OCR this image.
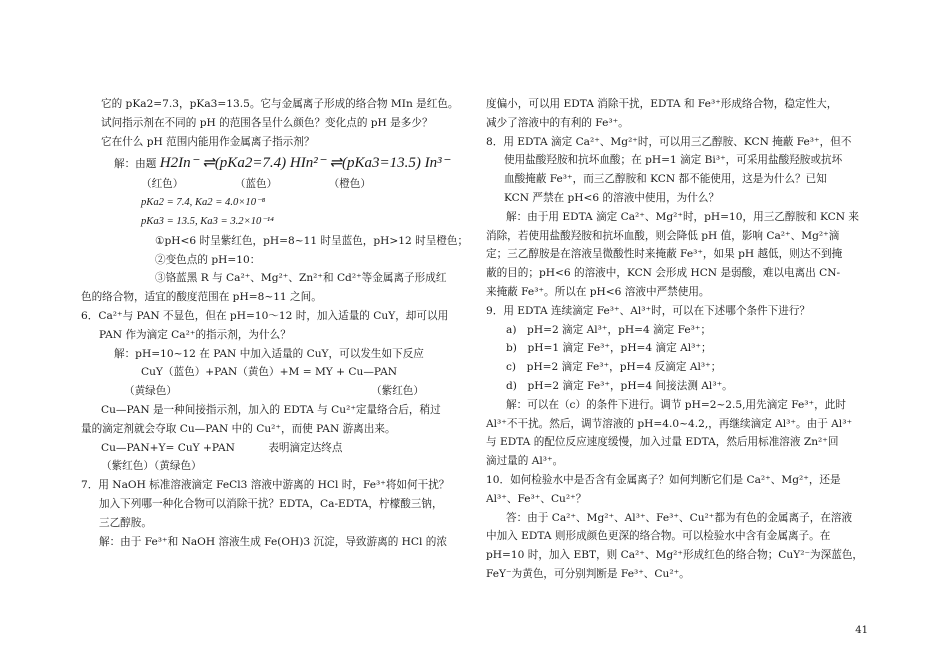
它的 pKa2=7.3，pKa3=13.5。它与金属离子形成的络合物 MIn 是红色。

试问指示剂在不同的 pH 的范围各呈什么颜色？变化点的 pH 是多少？

它在什么 pH 范围内能用作金属离子指示剂？

解：由题 H2In⁻ ⇌(pKa2=7.4) HIn²⁻ ⇌(pKa3=13.5) In³⁻

（红色）	（蓝色）	（橙色）

pKa2 = 7.4, Ka2 = 4.0×10⁻⁸

pKa3 = 13.5, Ka3 = 3.2×10⁻¹⁴

①pH<6 时呈紫红色，pH=8~11 时呈蓝色，pH>12 时呈橙色；

②变色点的 pH=10：

③铬蓝黑 R 与 Ca²⁺、Mg²⁺、Zn²⁺和 Cd²⁺等金属离子形成红

色的络合物，适宜的酸度范围在 pH=8~11 之间。

6．Ca²⁺与 PAN 不显色，但在 pH=10～12 时，加入适量的 CuY，却可以用

PAN 作为滴定 Ca²⁺的指示剂，为什么？

解：pH=10~12 在 PAN 中加入适量的 CuY，可以发生如下反应

CuY（蓝色）+PAN（黄色）+M = MY + Cu—PAN

（黄绿色）	（紫红色）

Cu—PAN 是一种间接指示剂，加入的 EDTA 与 Cu²⁺定量络合后，稍过

量的滴定剂就会夺取 Cu—PAN 中的 Cu²⁺，而使 PAN 游离出来。

Cu—PAN+Y= CuY +PAN	表明滴定达终点

（紫红色）（黄绿色）

7．用 NaOH 标准溶液滴定 FeCl3 溶液中游离的 HCl 时，Fe³⁺将如何干扰？

加入下列哪一种化合物可以消除干扰？EDTA，Ca-EDTA，柠檬酸三钠，

三乙醇胺。

解：由于 Fe³⁺和 NaOH 溶液生成 Fe(OH)3 沉淀，导致游离的 HCl 的浓

度偏小，可以用 EDTA 消除干扰，EDTA 和 Fe³⁺形成络合物，稳定性大，

减少了溶液中的有利的 Fe³⁺。

8．用 EDTA 滴定 Ca²⁺、Mg²⁺时，可以用三乙醇胺、KCN 掩蔽 Fe³⁺，但不

使用盐酸羟胺和抗坏血酸；在 pH=1 滴定 Bi³⁺，可采用盐酸羟胺或抗坏

血酸掩蔽 Fe³⁺，而三乙醇胺和 KCN 都不能使用，这是为什么？已知

KCN 严禁在 pH<6 的溶液中使用，为什么？

解：由于用 EDTA 滴定 Ca²⁺、Mg²⁺时，pH=10，用三乙醇胺和 KCN 来

消除，若使用盐酸羟胺和抗坏血酸，则会降低 pH 值，影响 Ca²⁺、Mg²⁺滴

定；三乙醇胺是在溶液呈微酸性时来掩蔽 Fe³⁺，如果 pH 越低，则达不到掩

蔽的目的；pH<6 的溶液中，KCN 会形成 HCN 是弱酸，难以电离出 CN-

来掩蔽 Fe³⁺。所以在 pH<6 溶液中严禁使用。

9．用 EDTA 连续滴定 Fe³⁺、Al³⁺时，可以在下述哪个条件下进行？

a)　pH=2 滴定 Al³⁺，pH=4 滴定 Fe³⁺；

b)　pH=1 滴定 Fe³⁺，pH=4 滴定 Al³⁺；

c)　pH=2 滴定 Fe³⁺，pH=4 反滴定 Al³⁺；

d)　pH=2 滴定 Fe³⁺，pH=4 间接法测 Al³⁺。

解：可以在（c）的条件下进行。调节 pH=2~2.5,用先滴定 Fe³⁺，此时

Al³⁺不干扰。然后，调节溶液的 pH=4.0~4.2,，再继续滴定 Al³⁺。由于 Al³⁺

与 EDTA 的配位反应速度缓慢，加入过量 EDTA，然后用标准溶液 Zn²⁺回

滴过量的 Al³⁺。

10．如何检验水中是否含有金属离子？如何判断它们是 Ca²⁺、Mg²⁺，还是

Al³⁺、Fe³⁺、Cu²⁺？

答：由于 Ca²⁺、Mg²⁺、Al³⁺、Fe³⁺、Cu²⁺都为有色的金属离子，在溶液

中加入 EDTA 则形成颜色更深的络合物。可以检验水中含有金属离子。在

pH=10 时，加入 EBT，则 Ca²⁺、Mg²⁺形成红色的络合物；CuY²⁻为深蓝色，

FeY⁻为黄色，可分别判断是 Fe³⁺、Cu²⁺。

41
